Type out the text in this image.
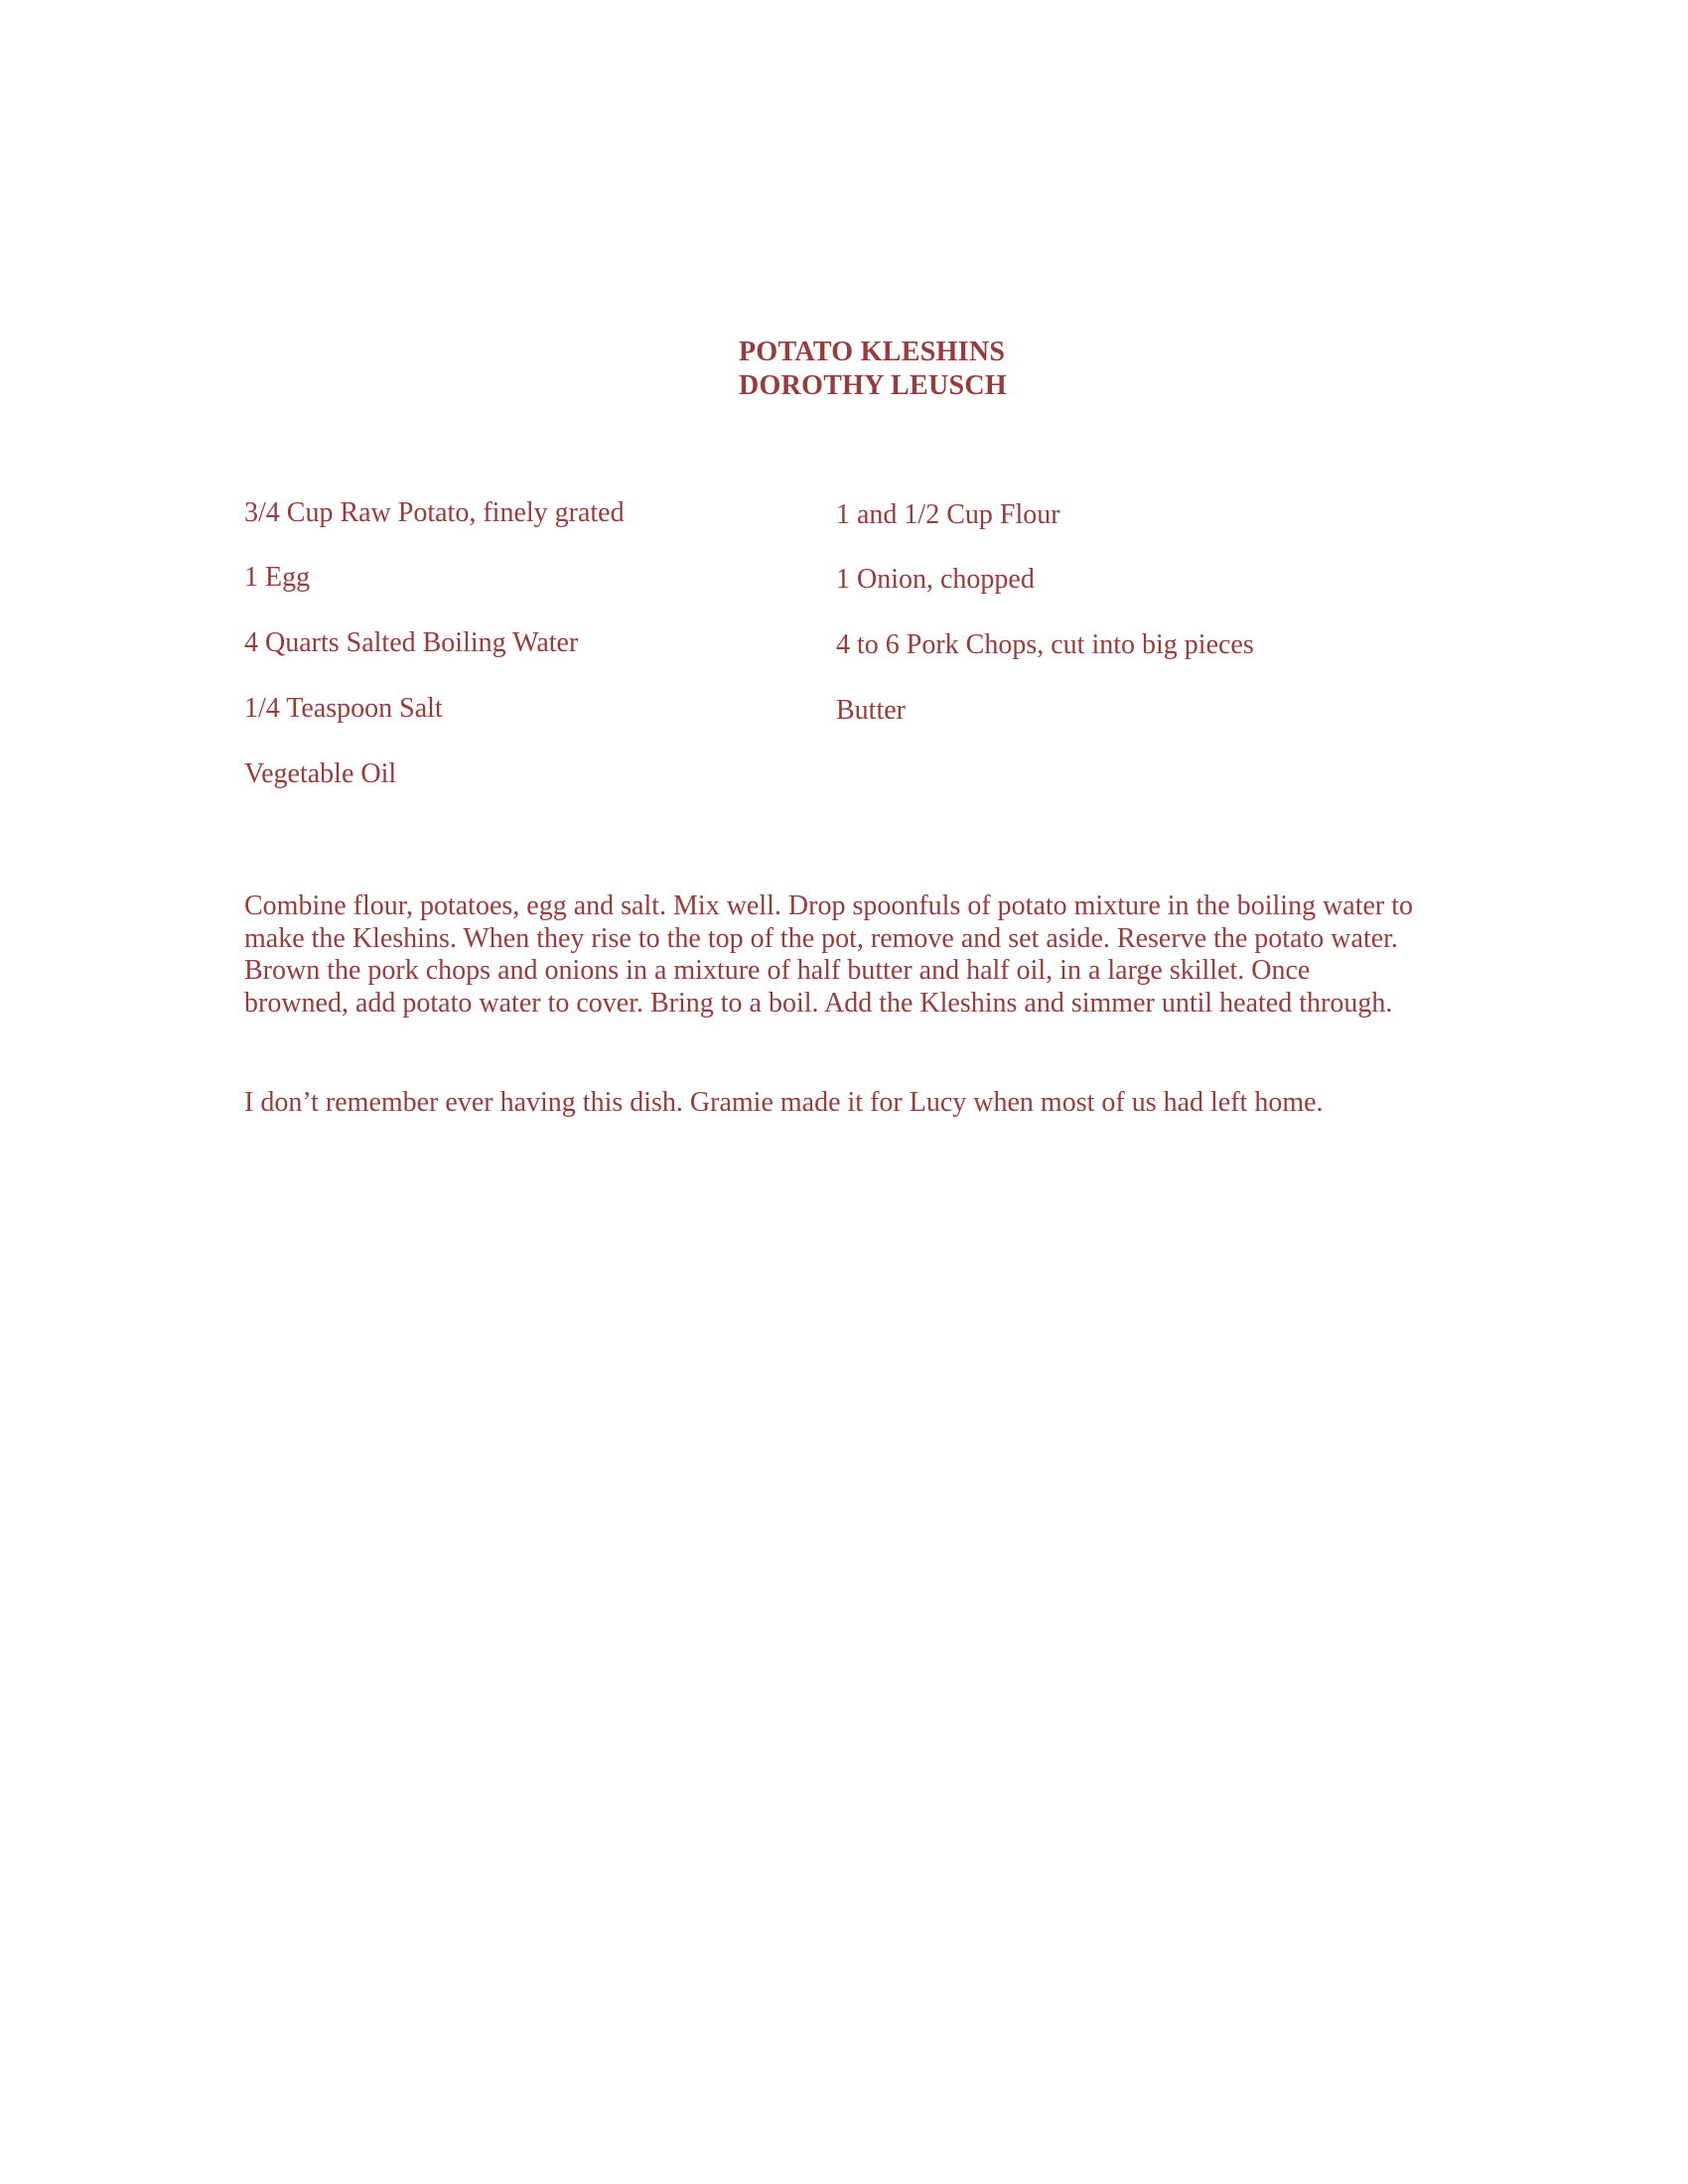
POTATO KLESHINS
DOROTHY LEUSCH
3/4 Cup Raw Potato, finely grated
1 Egg
4 Quarts Salted Boiling Water
1/4 Teaspoon Salt
Vegetable Oil
1 and 1/2 Cup Flour
1 Onion, chopped
4 to 6 Pork Chops, cut into big pieces
Butter
Combine flour, potatoes, egg and salt. Mix well. Drop spoonfuls of potato mixture in the boiling water to
make the Kleshins. When they rise to the top of the pot, remove and set aside. Reserve the potato water.
Brown the pork chops and onions in a mixture of half butter and half oil, in a large skillet. Once
browned, add potato water to cover. Bring to a boil. Add the Kleshins and simmer until heated through.
I don’t remember ever having this dish. Gramie made it for Lucy when most of us had left home.
